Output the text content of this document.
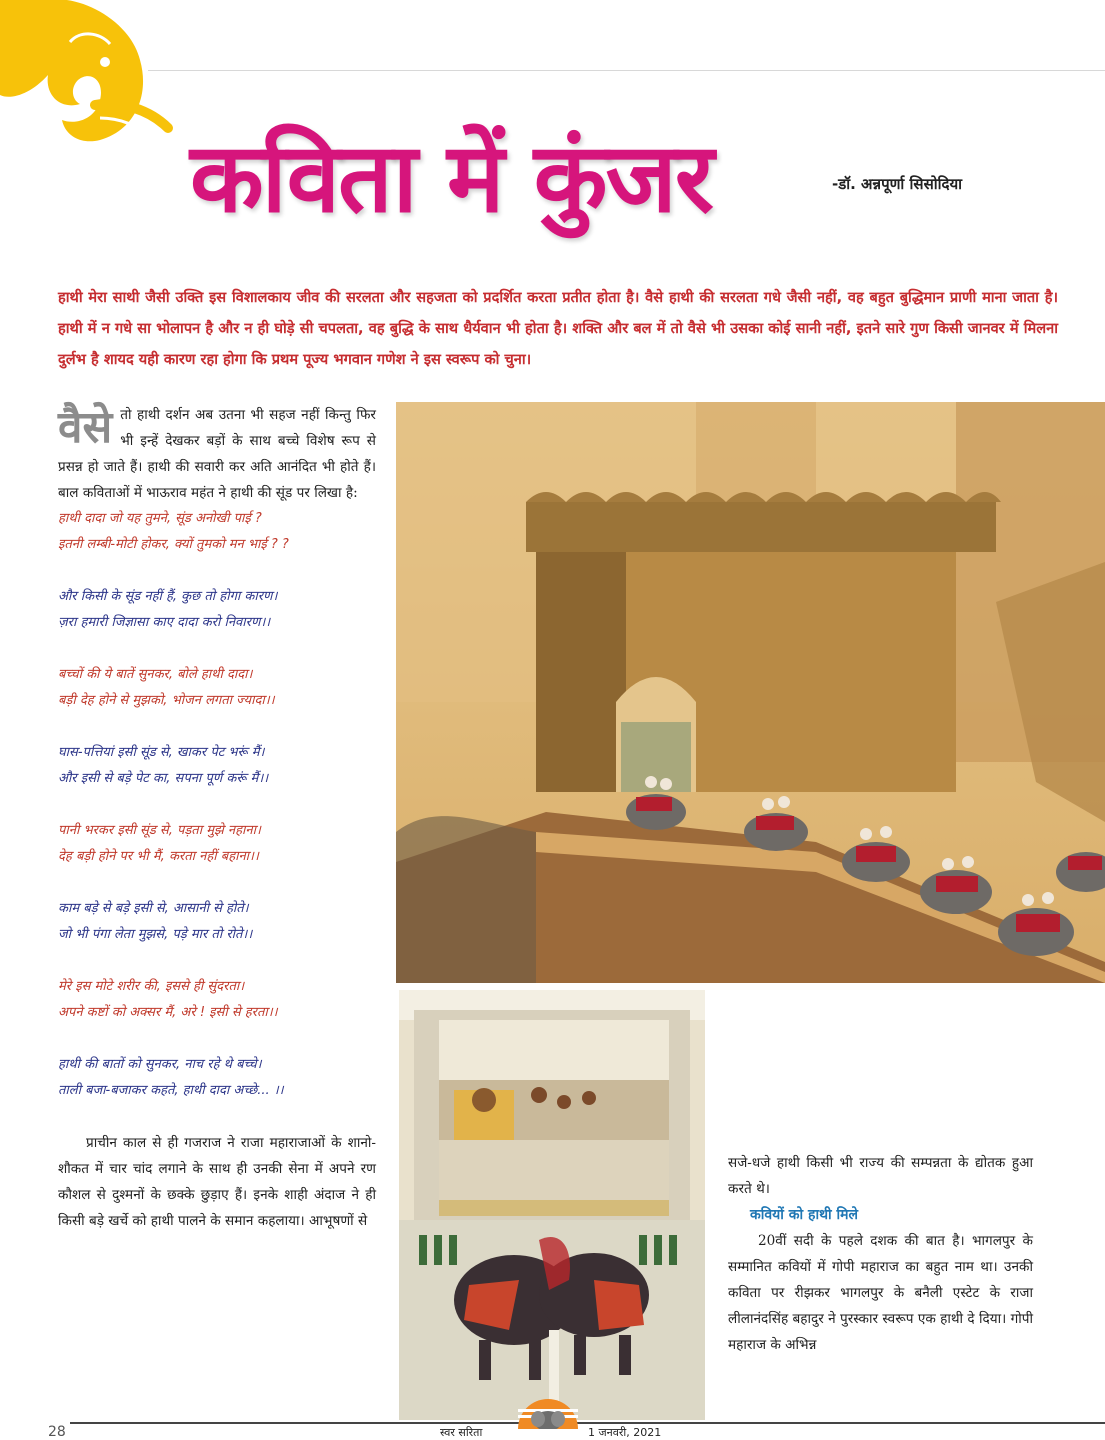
कविता में कुंजर	-डॉ. अन्नपूर्णा सिसोदिया
हाथी मेरा साथी जैसी उक्ति इस विशालकाय जीव की सरलता और सहजता को प्रदर्शित करता प्रतीत होता है। वैसे हाथी की सरलता गधे जैसी नहीं, वह बहुत बुद्धिमान प्राणी माना जाता है। हाथी में न गधे सा भोलापन है और न ही घोड़े सी चपलता, वह बुद्धि के साथ धैर्यवान भी होता है। शक्ति और बल में तो वैसे भी उसका कोई सानी नहीं, इतने सारे गुण किसी जानवर में मिलना दुर्लभ है शायद यही कारण रहा होगा कि प्रथम पूज्य भगवान गणेश ने इस स्वरूप को चुना।
वैसे तो हाथी दर्शन अब उतना भी सहज नहीं किन्तु फिर भी इन्हें देखकर बड़ों के साथ बच्चे विशेष रूप से प्रसन्न हो जाते हैं। हाथी की सवारी कर अति आनंदित भी होते हैं। बाल कविताओं में भाऊराव महंत ने हाथी की सूंड पर लिखा है:
हाथी दादा जो यह तुमने, सूंड अनोखी पाई ?
इतनी लम्बी-मोटी होकर, क्यों तुमको मन भाई ? ?
और किसी के सूंड नहीं हैं, कुछ तो होगा कारण।
ज़रा हमारी जिज्ञासा काए दादा करो निवारण।।
बच्चों की ये बातें सुनकर, बोले हाथी दादा।
बड़ी देह होने से मुझको, भोजन लगता ज्यादा।।
घास-पत्तियां इसी सूंड से, खाकर पेट भरूं मैं।
और इसी से बड़े पेट का, सपना पूर्ण करूं मैं।।
पानी भरकर इसी सूंड से, पड़ता मुझे नहाना।
देह बड़ी होने पर भी मैं, करता नहीं बहाना।।
काम बड़े से बड़े इसी से, आसानी से होते।
जो भी पंगा लेता मुझसे, पड़े मार तो रोते।।
मेरे इस मोटे शरीर की, इससे ही सुंदरता।
अपने कष्टों को अक्सर मैं, अरे ! इसी से हरता।।
हाथी की बातों को सुनकर, नाच रहे थे बच्चे।
ताली बजा-बजाकर कहते, हाथी दादा अच्छे... ।।
प्राचीन काल से ही गजराज ने राजा महाराजाओं के शानो-शौकत में चार चांद लगाने के साथ ही उनकी सेना में अपने रण कौशल से दुश्मनों के छक्के छुड़ाए हैं। इनके शाही अंदाज ने ही किसी बड़े खर्चे को हाथी पालने के समान कहलाया। आभूषणों से
सजे-धजे हाथी किसी भी राज्य की सम्पन्नता के द्योतक हुआ करते थे।
कवियों को हाथी मिले
20वीं सदी के पहले दशक की बात है। भागलपुर के सम्मानित कवियों में गोपी महाराज का बहुत नाम था। उनकी कविता पर रीझकर भागलपुर के बनैली एस्टेट के राजा लीलानंदसिंह बहादुर ने पुरस्कार स्वरूप एक हाथी दे दिया। गोपी महाराज के अभिन्न
28	स्वर सरिता	1 जनवरी, 2021
